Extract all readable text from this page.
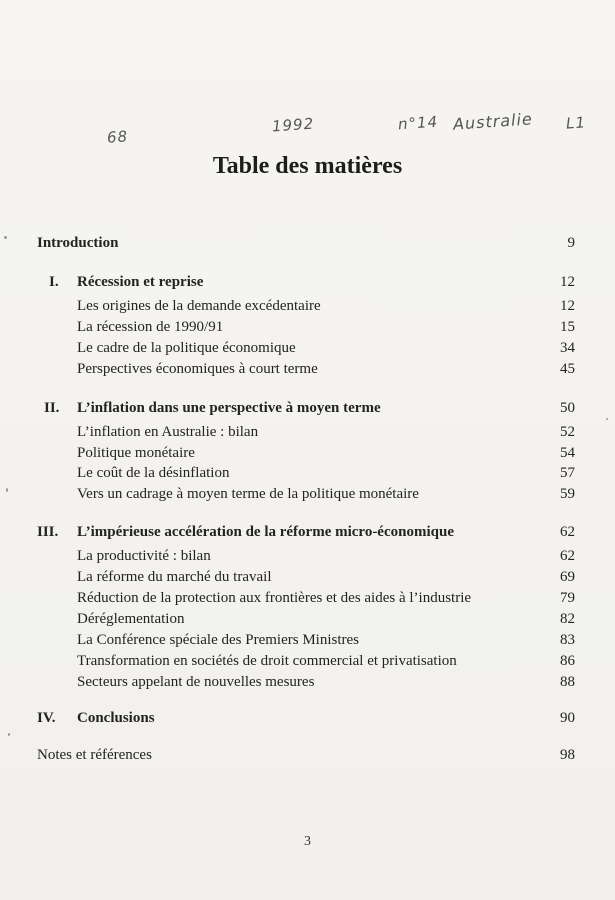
68
1992	n°14 Australie L1
Table des matières
Introduction	9
I. Récession et reprise	12
Les origines de la demande excédentaire	12
La récession de 1990/91	15
Le cadre de la politique économique	34
Perspectives économiques à court terme	45
II. L’inflation dans une perspective à moyen terme	50
L’inflation en Australie : bilan	52
Politique monétaire	54
Le coût de la désinflation	57
Vers un cadrage à moyen terme de la politique monétaire	59
III. L’impérieuse accélération de la réforme micro-économique	62
La productivité : bilan	62
La réforme du marché du travail	69
Réduction de la protection aux frontières et des aides à l’industrie	79
Déréglementation	82
La Conférence spéciale des Premiers Ministres	83
Transformation en sociétés de droit commercial et privatisation	86
Secteurs appelant de nouvelles mesures	88
IV. Conclusions	90
Notes et références	98
3
